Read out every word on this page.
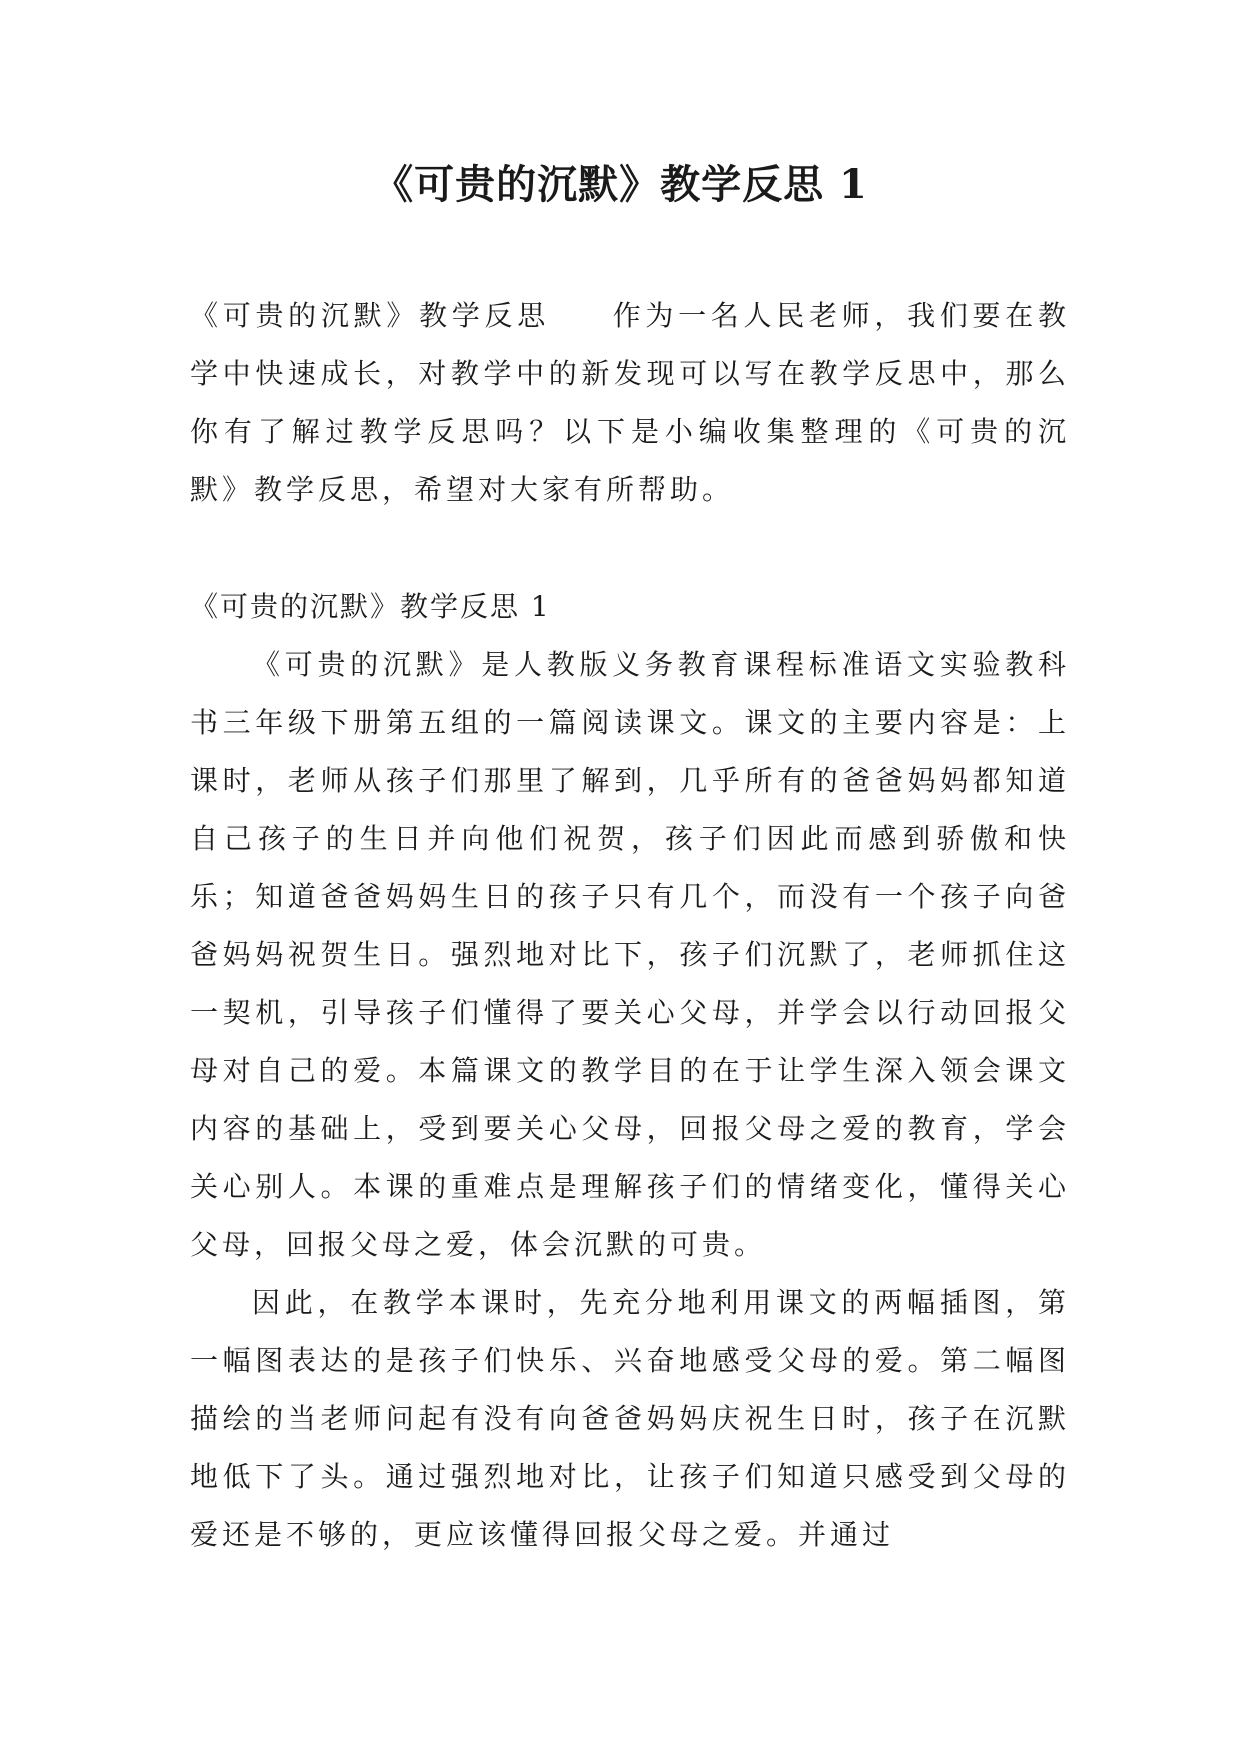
《可贵的沉默》教学反思 1

《可贵的沉默》教学反思 作为一名人民老师，我们要在教学中快速成长，对教学中的新发现可以写在教学反思中，那么你有了解过教学反思吗？以下是小编收集整理的《可贵的沉默》教学反思，希望对大家有所帮助。

《可贵的沉默》教学反思 1

《可贵的沉默》是人教版义务教育课程标准语文实验教科书三年级下册第五组的一篇阅读课文。课文的主要内容是：上课时，老师从孩子们那里了解到，几乎所有的爸爸妈妈都知道自己孩子的生日并向他们祝贺，孩子们因此而感到骄傲和快乐；知道爸爸妈妈生日的孩子只有几个，而没有一个孩子向爸爸妈妈祝贺生日。强烈地对比下，孩子们沉默了，老师抓住这一契机，引导孩子们懂得了要关心父母，并学会以行动回报父母对自己的爱。本篇课文的教学目的在于让学生深入领会课文内容的基础上，受到要关心父母，回报父母之爱的教育，学会关心别人。本课的重难点是理解孩子们的情绪变化，懂得关心父母，回报父母之爱，体会沉默的可贵。

因此，在教学本课时，先充分地利用课文的两幅插图，第一幅图表达的是孩子们快乐、兴奋地感受父母的爱。第二幅图描绘的当老师问起有没有向爸爸妈妈庆祝生日时，孩子在沉默地低下了头。通过强烈地对比，让孩子们知道只感受到父母的爱还是不够的，更应该懂得回报父母之爱。并通过
